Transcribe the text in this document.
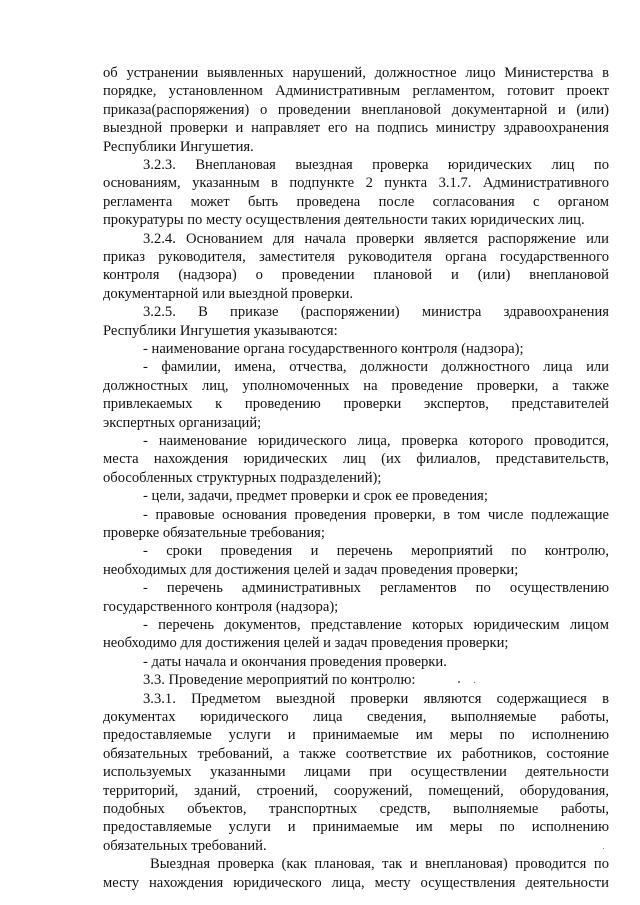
об устранении выявленных нарушений, должностное лицо Министерства в
порядке, установленном Административным регламентом, готовит проект
приказа(распоряжения) о проведении внеплановой документарной и (или)
выездной проверки и направляет его на подпись министру здравоохранения
Республики Ингушетия.
3.2.3. Внеплановая выездная проверка юридических лиц по
основаниям, указанным в подпункте 2 пункта 3.1.7. Административного
регламента может быть проведена после согласования с органом
прокуратуры по месту осуществления деятельности таких юридических лиц.
3.2.4. Основанием для начала проверки является распоряжение или
приказ руководителя, заместителя руководителя органа государственного
контроля (надзора) о проведении плановой и (или) внеплановой
документарной или выездной проверки.
3.2.5. В приказе (распоряжении) министра здравоохранения
Республики Ингушетия указываются:
- наименование органа государственного контроля (надзора);
- фамилии, имена, отчества, должности должностного лица или
должностных лиц, уполномоченных на проведение проверки, а также
привлекаемых к проведению проверки экспертов, представителей
экспертных организаций;
- наименование юридического лица, проверка которого проводится,
места нахождения юридических лиц (их филиалов, представительств,
обособленных структурных подразделений);
- цели, задачи, предмет проверки и срок ее проведения;
- правовые основания проведения проверки, в том числе подлежащие
проверке обязательные требования;
- сроки проведения и перечень мероприятий по контролю,
необходимых для достижения целей и задач проведения проверки;
- перечень административных регламентов по осуществлению
государственного контроля (надзора);
- перечень документов, представление которых юридическим лицом
необходимо для достижения целей и задач проведения проверки;
- даты начала и окончания проведения проверки.
3.3. Проведение мероприятий по контролю:
3.3.1. Предметом выездной проверки являются содержащиеся в
документах юридического лица сведения, выполняемые работы,
предоставляемые услуги и принимаемые им меры по исполнению
обязательных требований, а также соответствие их работников, состояние
используемых указанными лицами при осуществлении деятельности
территорий, зданий, строений, сооружений, помещений, оборудования,
подобных объектов, транспортных средств, выполняемые работы,
предоставляемые услуги и принимаемые им меры по исполнению
обязательных требований.
Выездная проверка (как плановая, так и внеплановая) проводится по
месту нахождения юридического лица, месту осуществления деятельности
